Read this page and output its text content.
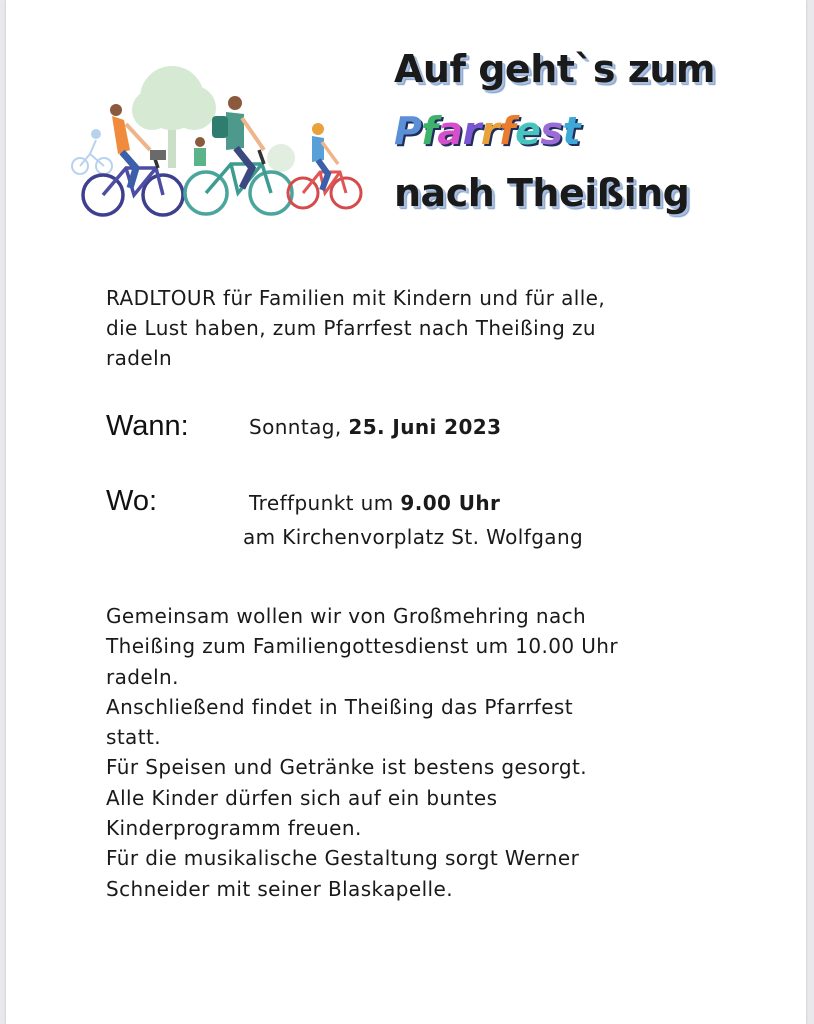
Auf geht`s zum
Pfarrfest
nach Theißing
RADLTOUR für Familien mit Kindern und für alle,
die Lust haben, zum Pfarrfest nach Theißing zu
radeln
Wann:	Sonntag, 25. Juni 2023
Wo:	Treffpunkt um 9.00 Uhr
am Kirchenvorplatz St. Wolfgang
Gemeinsam wollen wir von Großmehring nach
Theißing zum Familiengottesdienst um 10.00 Uhr
radeln.
Anschließend findet in Theißing das Pfarrfest
statt.
Für Speisen und Getränke ist bestens gesorgt.
Alle Kinder dürfen sich auf ein buntes
Kinderprogramm freuen.
Für die musikalische Gestaltung sorgt Werner
Schneider mit seiner Blaskapelle.
